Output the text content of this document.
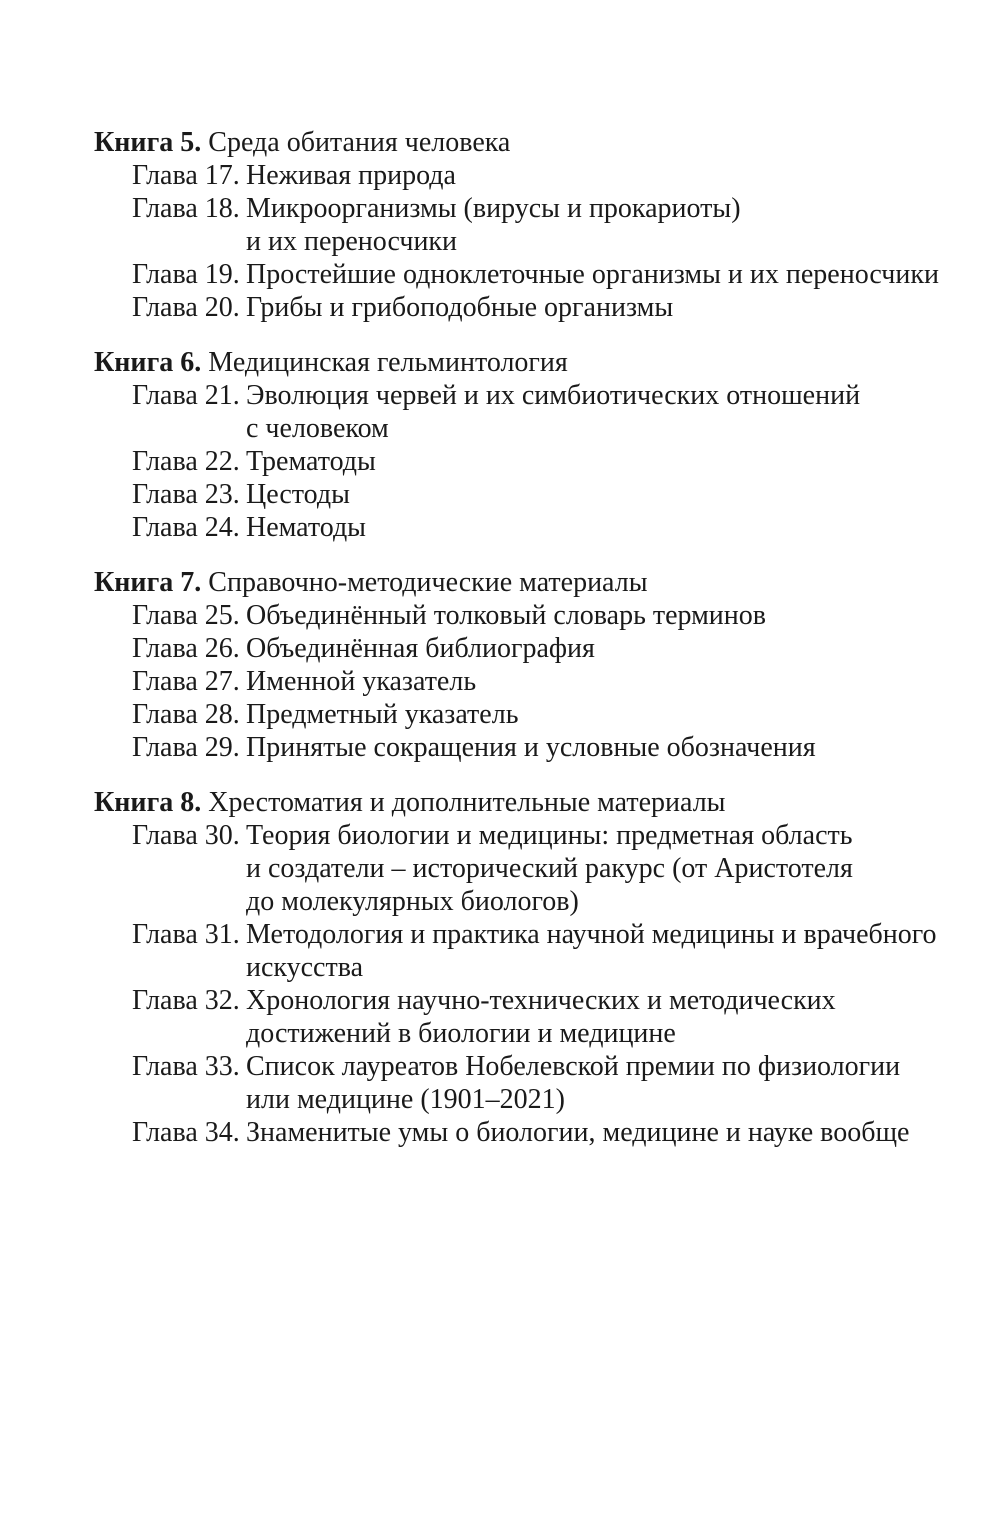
Книга 5. Среда обитания человека
Глава 17. Неживая природа
Глава 18. Микроорганизмы (вирусы и прокариоты)
и их переносчики
Глава 19. Простейшие одноклеточные организмы и их переносчики
Глава 20. Грибы и грибоподобные организмы
Книга 6. Медицинская гельминтология
Глава 21. Эволюция червей и их симбиотических отношений
с человеком
Глава 22. Трематоды
Глава 23. Цестоды
Глава 24. Нематоды
Книга 7. Справочно-методические материалы
Глава 25. Объединённый толковый словарь терминов
Глава 26. Объединённая библиография
Глава 27. Именной указатель
Глава 28. Предметный указатель
Глава 29. Принятые сокращения и условные обозначения
Книга 8. Хрестоматия и дополнительные материалы
Глава 30. Теория биологии и медицины: предметная область
и создатели – исторический ракурс (от Аристотеля
до молекулярных биологов)
Глава 31. Методология и практика научной медицины и врачебного
искусства
Глава 32. Хронология научно-технических и методических
достижений в биологии и медицине
Глава 33. Список лауреатов Нобелевской премии по физиологии
или медицине (1901–2021)
Глава 34. Знаменитые умы о биологии, медицине и науке вообще
